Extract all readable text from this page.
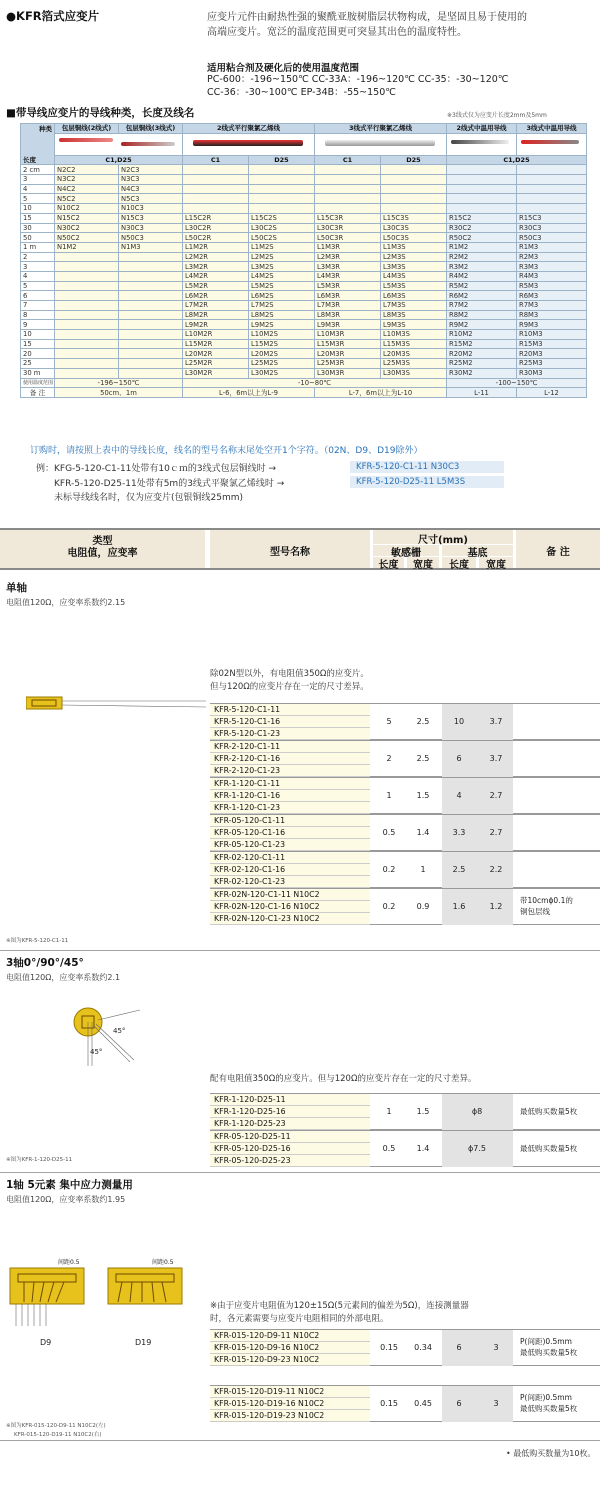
●KFR箔式应变片	应变片元件由耐热性强的聚酰亚胺树脂层状物构成，是坚固且易于使用的
高端应变片。宽泛的温度范围更可突显其出色的温度特性。
适用粘合剂及硬化后的使用温度范围
PC-600：-196~150℃ CC-33A：-196~120℃ CC-35：-30~120℃
CC-36：-30~100℃ EP-34B：-55~150℃
■带导线应变片的导线种类，长度及线名	※3线式仅为应变片长度2mm及5mm
种类	包层铜线(2线式)	包层铜线(3线式)	2线式平行聚氯乙烯线		3线式平行聚氯乙烯线		2线式中温用导线	3线式中温用导线

长度	C1,D25		C1	D25	C1	D25	C1,D25	
2 cm	N2C2	N2C3						
3	N3C2	N3C3						
4	N4C2	N4C3						
5	N5C2	N5C3						
10	N10C2	N10C3						
15	N15C2	N15C3	L15C2R	L15C2S	L15C3R	L15C3S	R15C2	R15C3
30	N30C2	N30C3	L30C2R	L30C2S	L30C3R	L30C3S	R30C2	R30C3
50	N50C2	N50C3	L50C2R	L50C2S	L50C3R	L50C3S	R50C2	R50C3
1 m	N1M2	N1M3	L1M2R	L1M2S	L1M3R	L1M3S	R1M2	R1M3
2			L2M2R	L2M2S	L2M3R	L2M3S	R2M2	R2M3
3			L3M2R	L3M2S	L3M3R	L3M3S	R3M2	R3M3
4			L4M2R	L4M2S	L4M3R	L4M3S	R4M2	R4M3
5			L5M2R	L5M2S	L5M3R	L5M3S	R5M2	R5M3
6			L6M2R	L6M2S	L6M3R	L6M3S	R6M2	R6M3
7			L7M2R	L7M2S	L7M3R	L7M3S	R7M2	R7M3
8			L8M2R	L8M2S	L8M3R	L8M3S	R8M2	R8M3
9			L9M2R	L9M2S	L9M3R	L9M3S	R9M2	R9M3
10			L10M2R	L10M2S	L10M3R	L10M3S	R10M2	R10M3
15			L15M2R	L15M2S	L15M3R	L15M3S	R15M2	R15M3
20			L20M2R	L20M2S	L20M3R	L20M3S	R20M2	R20M3
25			L25M2R	L25M2S	L25M3R	L25M3S	R25M2	R25M3
30 m			L30M2R	L30M2S	L30M3R	L30M3S	R30M2	R30M3
使用温度范围	-196~150℃		-10~80℃				-100~150℃	
备 注	50cm、1m		L-6，6m以上为L-9		L-7，6m以上为L-10		L-11	L-12
订购时，请按照上表中的导线长度，线名的型号名称末尾处空开1个字符。（02N、D9、D19除外）
例：KFG-5-120-C1-11处带有10ｃｍ的3线式包层铜线时 →	KFR-5-120-C1-11 N30C3
KFR-5-120-D25-11处带有5m的3线式平聚氯乙烯线时 →	KFR-5-120-D25-11 L5M3S
未标导线线名时，仅为应变片(包银铜线25mm)
类型
电阻值，应变率	型号名称
尺寸(mm)
敏感栅	基底
长度	宽度	长度	宽度
备 注
单轴
电阻值120Ω，应变率系数约2.15
除02N型以外，有电阻值350Ω的应变片。
但与120Ω的应变片存在一定的尺寸差异。
※图为KFR-5-120-C1-11
KFR-5-120-C1-11
KFR-5-120-C1-16
KFR-5-120-C1-23
5	2.5	10	3.7
KFR-2-120-C1-11
KFR-2-120-C1-16
KFR-2-120-C1-23
2	2.5	6	3.7
KFR-1-120-C1-11
KFR-1-120-C1-16
KFR-1-120-C1-23
1	1.5	4	2.7
KFR-05-120-C1-11
KFR-05-120-C1-16
KFR-05-120-C1-23
0.5	1.4	3.3	2.7
KFR-02-120-C1-11
KFR-02-120-C1-16
KFR-02-120-C1-23
0.2	1	2.5	2.2
KFR-02N-120-C1-11 N10C2
KFR-02N-120-C1-16 N10C2
KFR-02N-120-C1-23 N10C2
0.2	0.9	1.6	1.2
带10cmϕ0.1的
铜包层线
3轴0°/90°/45°
电阻值120Ω，应变率系数约2.1
45°
45°
配有电阻值350Ω的应变片。但与120Ω的应变片存在一定的尺寸差异。
※图为KFR-1-120-D25-11
KFR-1-120-D25-11
KFR-1-120-D25-16
KFR-1-120-D25-23
1	1.5	ϕ8	最低购买数量5枚
KFR-05-120-D25-11
KFR-05-120-D25-16
KFR-05-120-D25-23
0.5	1.4	ϕ7.5	最低购买数量5枚
1轴 5元素 集中应力测量用
电阻值120Ω，应变率系数约1.95
间距0.5	间距0.5
D9	D19
※由于应变片电阻值为120±15Ω(5元素间的偏差为5Ω)，连接测量器
时，各元素需要与应变片电阻相同的外部电阻。
※图为KFR-015-120-D9-11 N10C2(左)
KFR-015-120-D19-11 N10C2(右)
KFR-015-120-D9-11 N10C2
KFR-015-120-D9-16 N10C2
KFR-015-120-D9-23 N10C2
0.15	0.34	6	3
P(间距)0.5mm
最低购买数量5枚
KFR-015-120-D19-11 N10C2
KFR-015-120-D19-16 N10C2
KFR-015-120-D19-23 N10C2
0.15	0.45	6	3
P(间距)0.5mm
最低购买数量5枚
• 最低购买数量为10枚。
